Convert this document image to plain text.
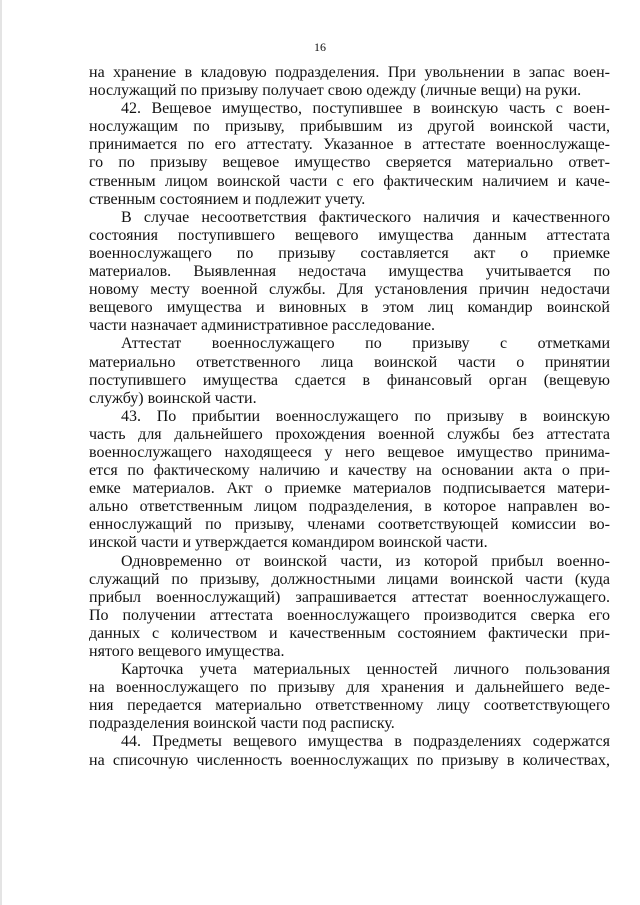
16
на хранение в кладовую подразделения. При увольнении в запас воен-
нослужащий по призыву получает свою одежду (личные вещи) на руки.
42. Вещевое имущество, поступившее в воинскую часть с воен-
нослужащим по призыву, прибывшим из другой воинской части,
принимается по его аттестату. Указанное в аттестате военнослужаще-
го по призыву вещевое имущество сверяется материально ответ-
ственным лицом воинской части с его фактическим наличием и каче-
ственным состоянием и подлежит учету.
В случае несоответствия фактического наличия и качественного
состояния поступившего вещевого имущества данным аттестата
военнослужащего по призыву составляется акт о приемке
материалов. Выявленная недостача имущества учитывается по
новому месту военной службы. Для установления причин недостачи
вещевого имущества и виновных в этом лиц командир воинской
части назначает административное расследование.
Аттестат военнослужащего по призыву с отметками
материально ответственного лица воинской части о принятии
поступившего имущества сдается в финансовый орган (вещевую
службу) воинской части.
43. По прибытии военнослужащего по призыву в воинскую
часть для дальнейшего прохождения военной службы без аттестата
военнослужащего находящееся у него вещевое имущество принима-
ется по фактическому наличию и качеству на основании акта о при-
емке материалов. Акт о приемке материалов подписывается матери-
ально ответственным лицом подразделения, в которое направлен во-
еннослужащий по призыву, членами соответствующей комиссии во-
инской части и утверждается командиром воинской части.
Одновременно от воинской части, из которой прибыл военно-
служащий по призыву, должностными лицами воинской части (куда
прибыл военнослужащий) запрашивается аттестат военнослужащего.
По получении аттестата военнослужащего производится сверка его
данных с количеством и качественным состоянием фактически при-
нятого вещевого имущества.
Карточка учета материальных ценностей личного пользования
на военнослужащего по призыву для хранения и дальнейшего веде-
ния передается материально ответственному лицу соответствующего
подразделения воинской части под расписку.
44. Предметы вещевого имущества в подразделениях содержатся
на списочную численность военнослужащих по призыву в количествах,
